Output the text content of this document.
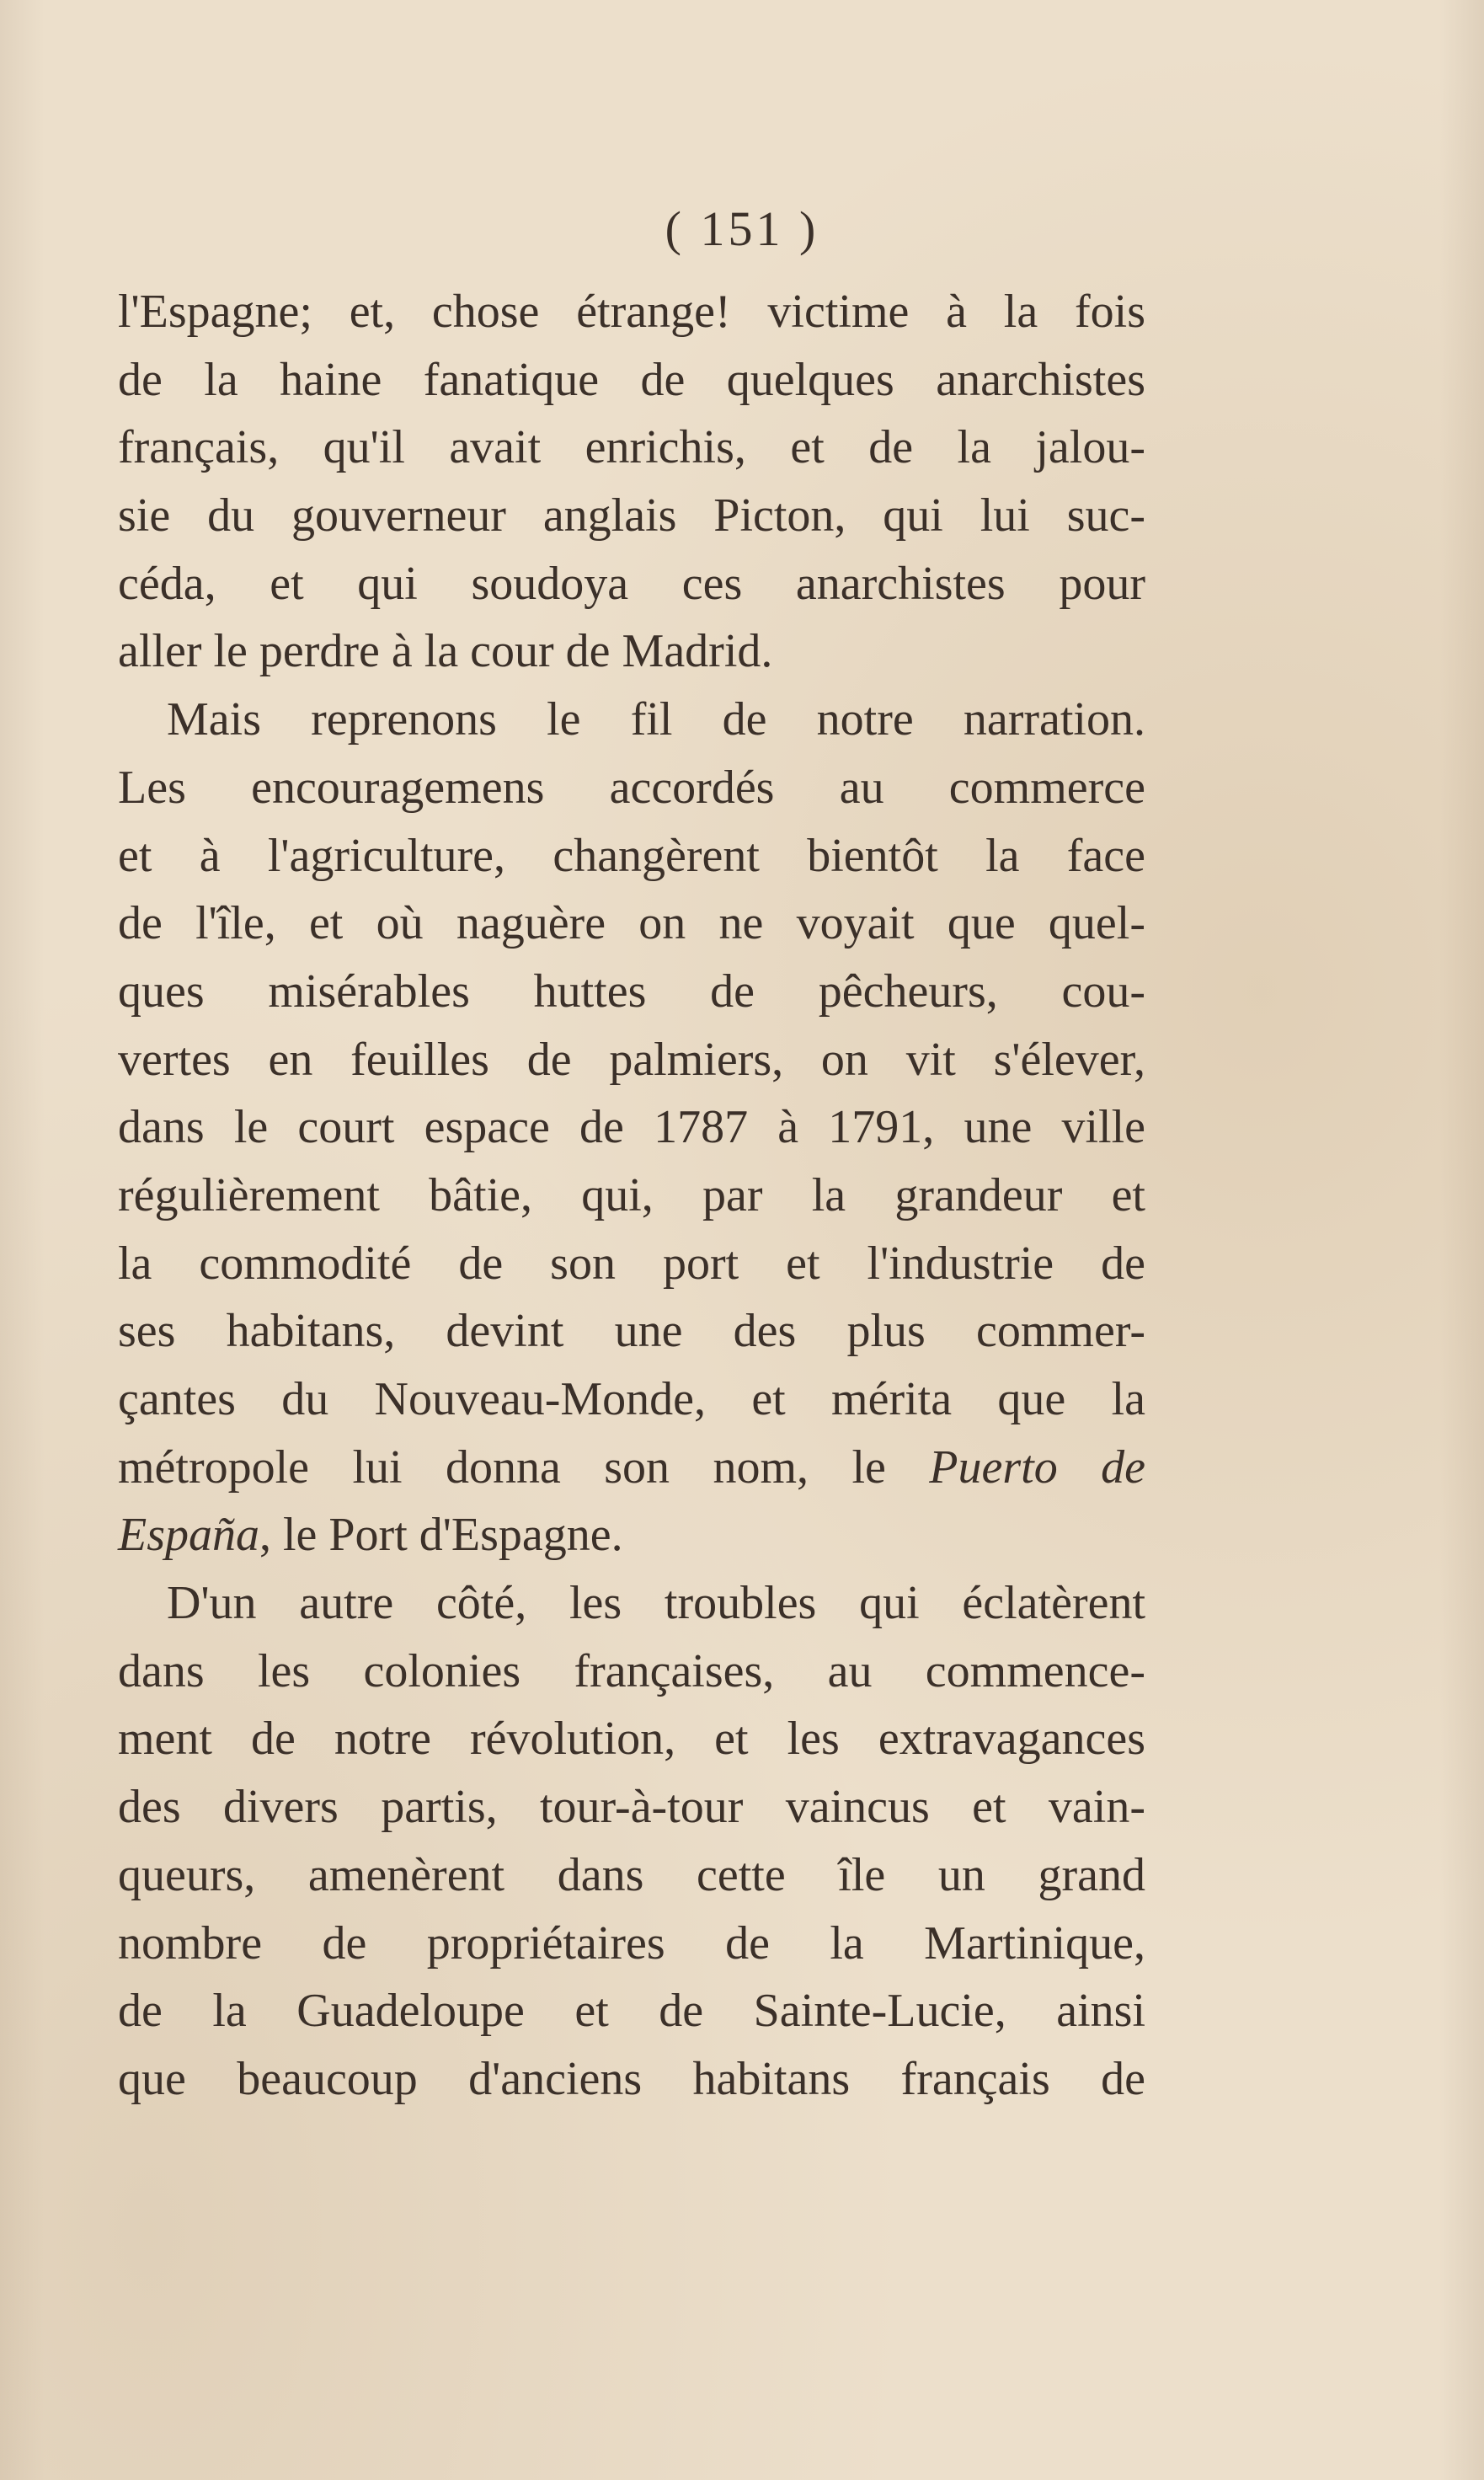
( 151 )
l'Espagne; et, chose étrange! victime à la fois
de la haine fanatique de quelques anarchistes
français, qu'il avait enrichis, et de la jalou-
sie du gouverneur anglais Picton, qui lui suc-
céda, et qui soudoya ces anarchistes pour
aller le perdre à la cour de Madrid.
Mais reprenons le fil de notre narration.
Les encouragemens accordés au commerce
et à l'agriculture, changèrent bientôt la face
de l'île, et où naguère on ne voyait que quel-
ques misérables huttes de pêcheurs, cou-
vertes en feuilles de palmiers, on vit s'élever,
dans le court espace de 1787 à 1791, une ville
régulièrement bâtie, qui, par la grandeur et
la commodité de son port et l'industrie de
ses habitans, devint une des plus commer-
çantes du Nouveau-Monde, et mérita que la
métropole lui donna son nom, le Puerto de
España, le Port d'Espagne.
D'un autre côté, les troubles qui éclatèrent
dans les colonies françaises, au commence-
ment de notre révolution, et les extravagances
des divers partis, tour-à-tour vaincus et vain-
queurs, amenèrent dans cette île un grand
nombre de propriétaires de la Martinique,
de la Guadeloupe et de Sainte-Lucie, ainsi
que beaucoup d'anciens habitans français de
